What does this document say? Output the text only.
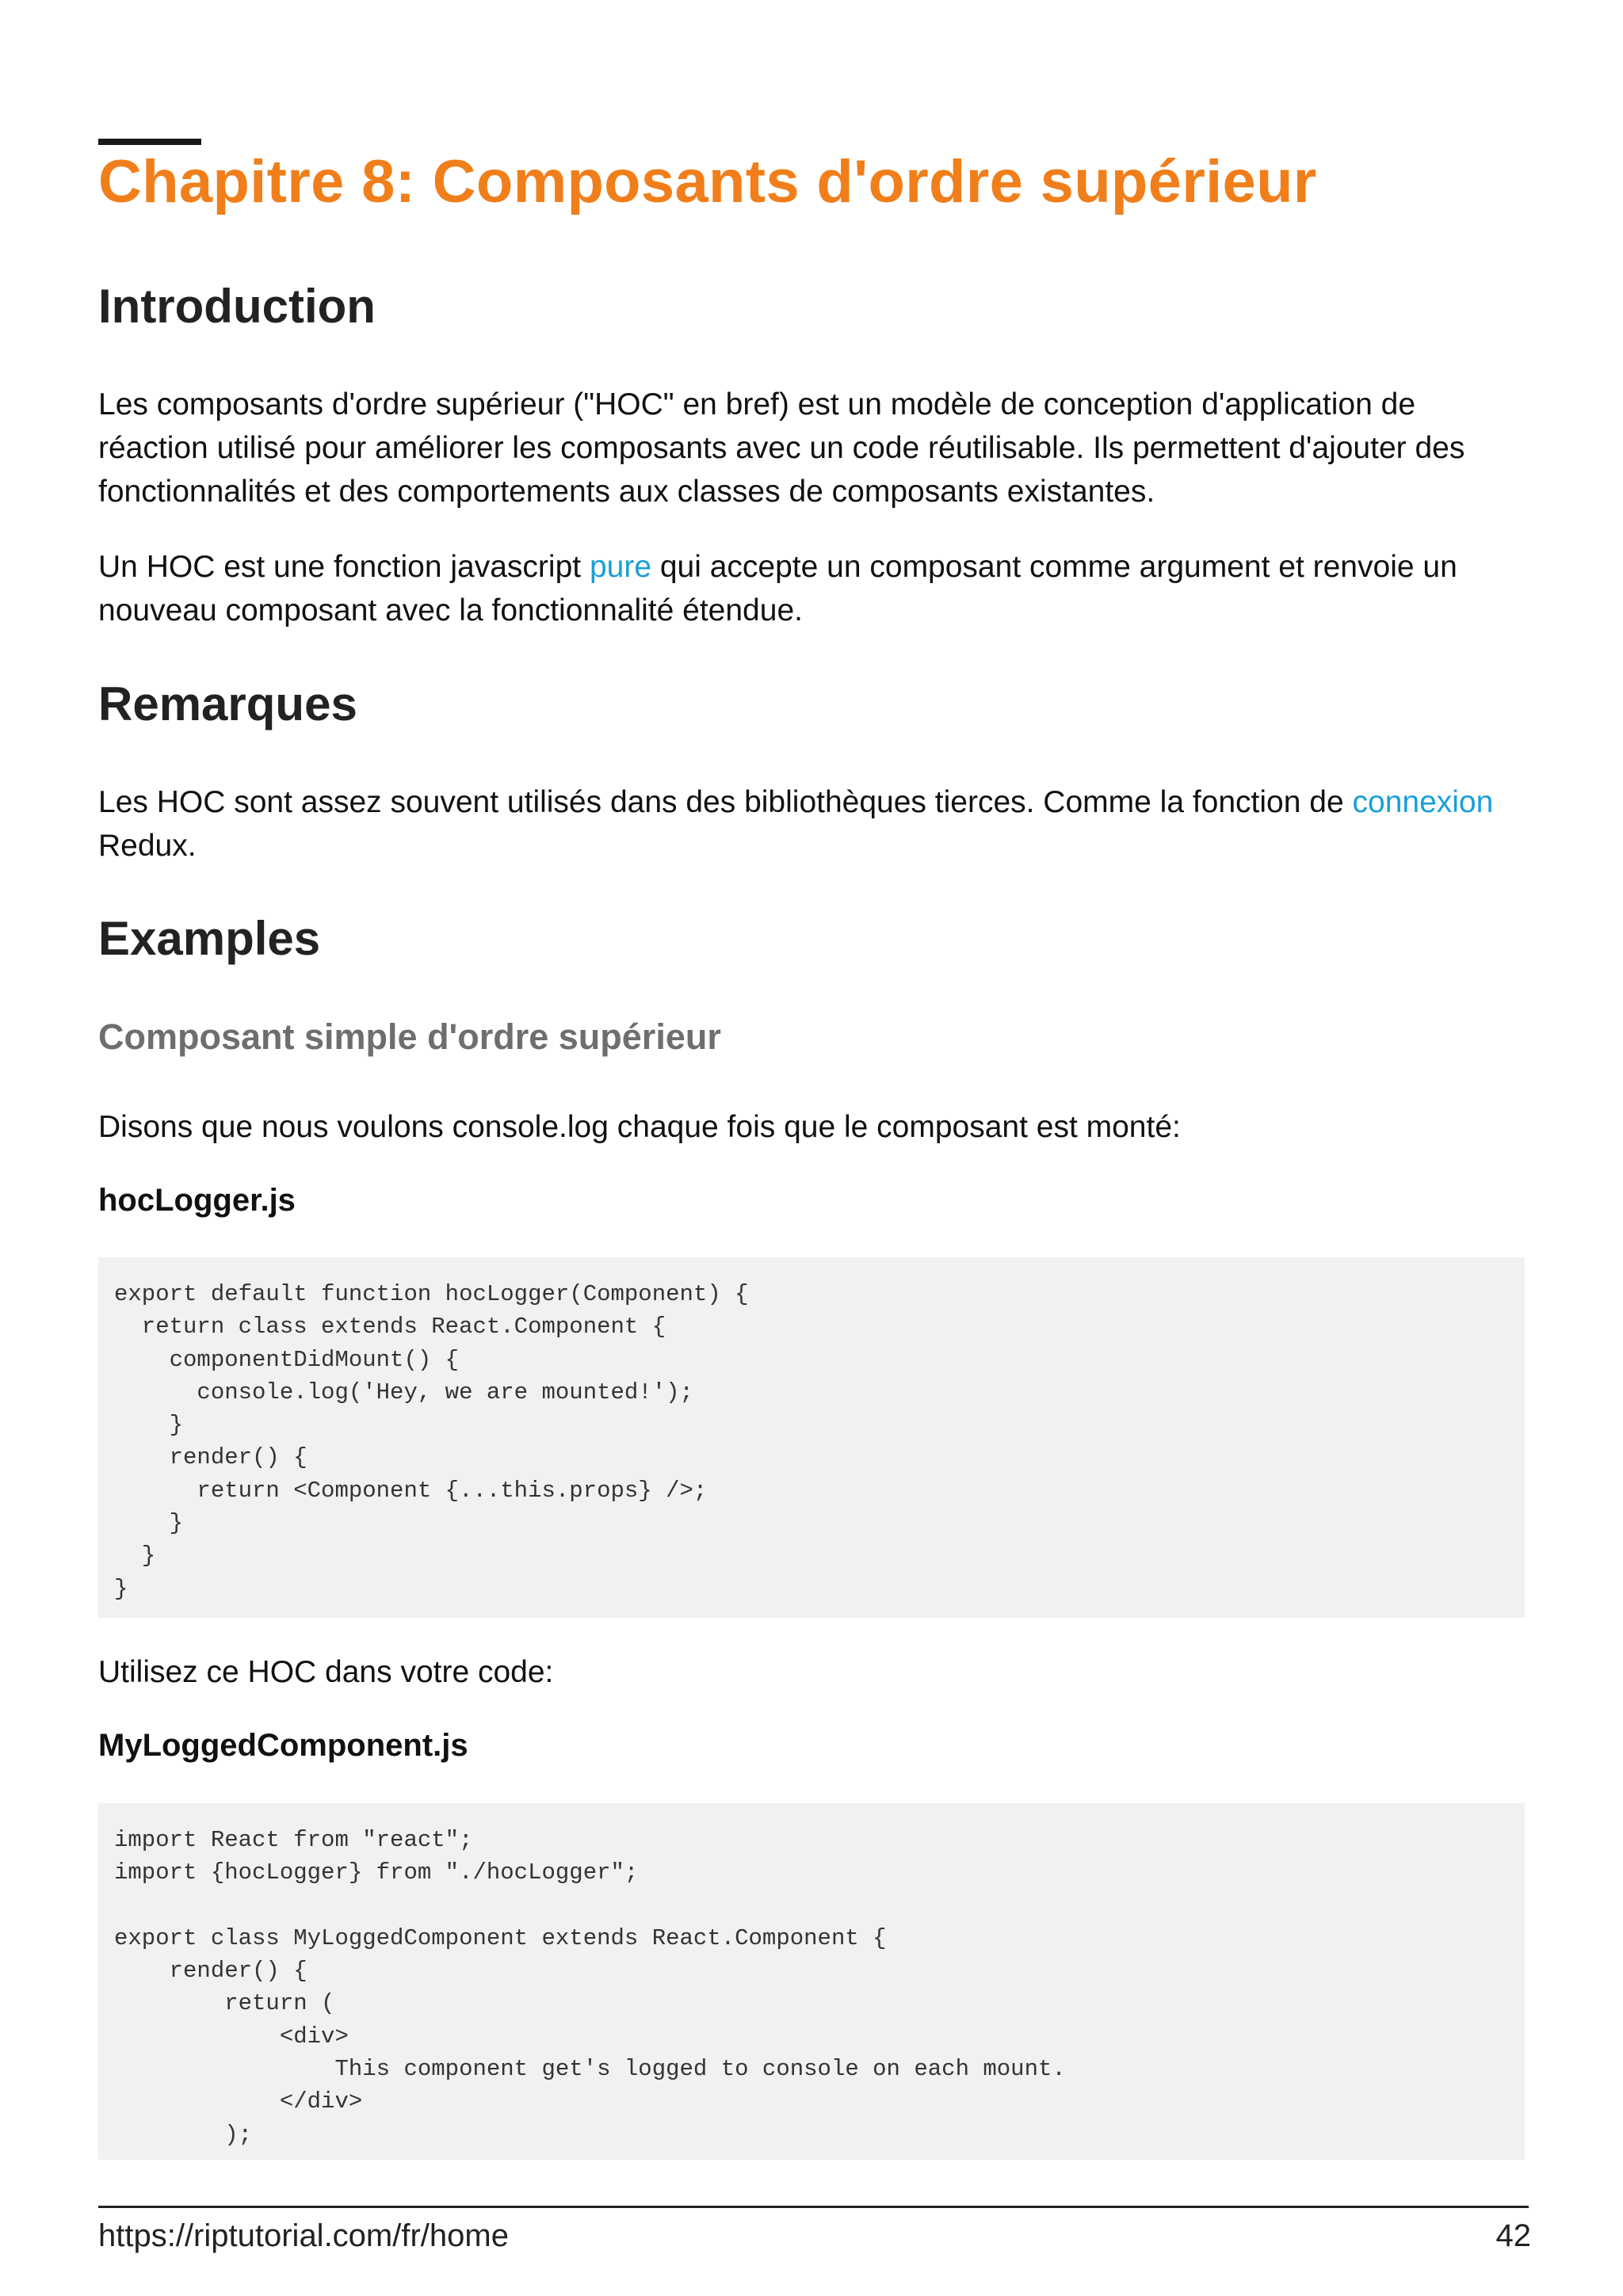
Chapitre 8: Composants d'ordre supérieur
Introduction

Les composants d'ordre supérieur ("HOC" en bref) est un modèle de conception d'application de réaction utilisé pour améliorer les composants avec un code réutilisable. Ils permettent d'ajouter des fonctionnalités et des comportements aux classes de composants existantes.

Un HOC est une fonction javascript pure qui accepte un composant comme argument et renvoie un nouveau composant avec la fonctionnalité étendue.

Remarques

Les HOC sont assez souvent utilisés dans des bibliothèques tierces. Comme la fonction de connexion Redux.

Examples
Composant simple d'ordre supérieur

Disons que nous voulons console.log chaque fois que le composant est monté:

hocLogger.js
export default function hocLogger(Component) {
return class extends React.Component {
componentDidMount() {
console.log('Hey, we are mounted!');
}
render() {
return <Component {...this.props} />;
}
}
}

Utilisez ce HOC dans votre code:

MyLoggedComponent.js
import React from "react";
import {hocLogger} from "./hocLogger";
export class MyLoggedComponent extends React.Component {
render() {
return (
<div>
This component get's logged to console on each mount.
</div>
);
https://riptutorial.com/fr/home	42
